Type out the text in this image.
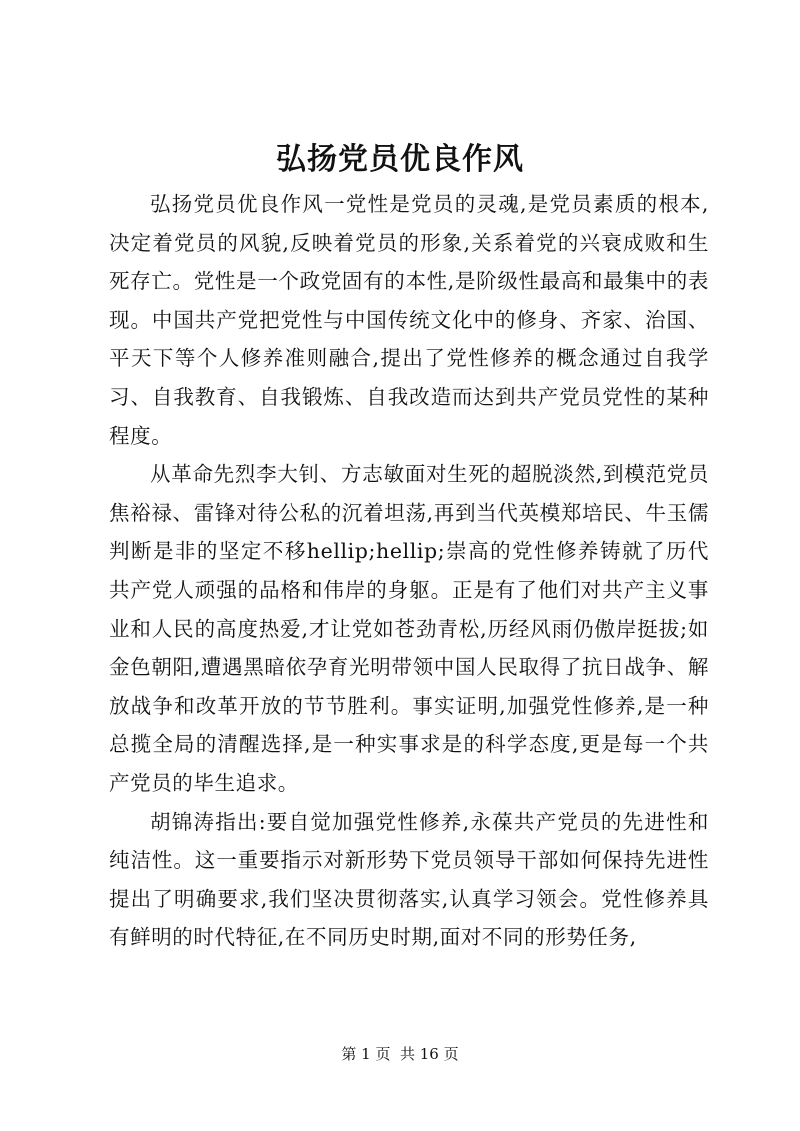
弘扬党员优良作风

弘扬党员优良作风一党性是党员的灵魂,是党员素质的根本,决定着党员的风貌,反映着党员的形象,关系着党的兴衰成败和生死存亡。党性是一个政党固有的本性,是阶级性最高和最集中的表现。中国共产党把党性与中国传统文化中的修身、齐家、治国、平天下等个人修养准则融合,提出了党性修养的概念通过自我学习、自我教育、自我锻炼、自我改造而达到共产党员党性的某种程度。

从革命先烈李大钊、方志敏面对生死的超脱淡然,到模范党员焦裕禄、雷锋对待公私的沉着坦荡,再到当代英模郑培民、牛玉儒判断是非的坚定不移hellip;hellip;崇高的党性修养铸就了历代共产党人顽强的品格和伟岸的身躯。正是有了他们对共产主义事业和人民的高度热爱,才让党如苍劲青松,历经风雨仍傲岸挺拔;如金色朝阳,遭遇黑暗依孕育光明带领中国人民取得了抗日战争、解放战争和改革开放的节节胜利。事实证明,加强党性修养,是一种总揽全局的清醒选择,是一种实事求是的科学态度,更是每一个共产党员的毕生追求。

胡锦涛指出:要自觉加强党性修养,永葆共产党员的先进性和纯洁性。这一重要指示对新形势下党员领导干部如何保持先进性提出了明确要求,我们坚决贯彻落实,认真学习领会。党性修养具有鲜明的时代特征,在不同历史时期,面对不同的形势任务,

第 1 页  共 16 页
